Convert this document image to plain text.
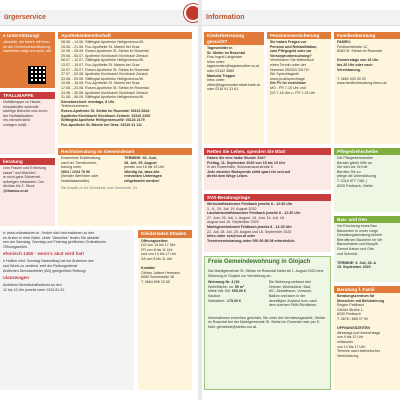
ürgerservice
e Unterstützung!
ubsstelle, die bieten mit ihren
en der Gemeindebevölkerung
ntanbieten zeigt uns auch, wie
TFALLMAPPE
Notfallmappe zu Hause,
einsatzkräfte wertvolle
wichtige Befunde und zuver-
äre Notfallsituation.
nrs.elkmahr.kleid
vorlagen mit@...
beratung
vom Frauen und Erfahrung
kasse" und Wächter"-
m nicht ganz Sicherheit
aufzeigen Infokaufen. Der
dierdas bis Z. Stock
@thamus.or.at
Apothekenbereitschaft
08.06. - 14.06. Stiftingtal Apotheke Heiligenkreuz/W.
15.06. - 21.06. Fuc-Apotheke St. Marein bei Graz
22.06. - 28.06. Rosen-Apotheke St. Stefan im Rosental
29.06. - 05.07. Apotheke Kirchbach/ Kirchbach Zerlach
06.07. - 12.07. Stiftingtal Apotheke Heiligenkreuz/W.
13.07. - 19.07. Fuc-Apotheke St. Marein bei Graz
20.07. - 26.07. Rosen-Apotheke St. Stefan im Rosental
27.07. - 02.08. Apotheke Kirchbach/ Kirchbach Zerlach
03.08. - 09.08. Stiftingtal Apotheke Heiligenkreuz/W.
10.08. - 16.08. Fuc-Apotheke St. Marein bei Graz
17.08. - 23.08. Rosen-Apotheke St. Stefan im Rosental
24.08. - 30.08. Apotheke Kirchbach/ Kirchbach Zerlach
31.08. - 06.09. Stiftingtal Apotheke Heiligenkreuz/W.
Dienstwechsel: montags, 8 Uhr
Telefonnummern:
Rosen-Apotheke St. Stefan im Rosental: 03116 8344
Apotheke Kirchbach/ Kirchbach Zerlach: 03116 2200
Stiftingtal Apotheke Heiligenkreuz/W: 03134 2179
Fuc-Apotheke St. Marein bei Graz: 03119 31 111
Rechtsberatung im Gemeindeamt
Kostenlose Erstberatung
nach tel. Terminverein-
barung unter
0664 / 1234 78 96
(Berater Wertheim oder
Notariatsanwälte).
TERMINE: 30. Juni,
28. Juli, 25. August
jeweils von 18 bis 19 Uhr
Wichtig ist, dass alle
relevanten Unterlagen
mitgebracht werden!
Die Anwält zu für Gemeinde: aus Gemeinde, 24.
e: www.ordinationen.st - finden sich Informationen zu den
en Ärzten in ihrer Nähe. Unter "Aktuelles" finden Sie aktuelle
nen am Samstag, Sonntag und Feiertag geöffneten Ordinationen
Öffnungszeiten.
efonisch 1450 - wenn's akut wird hat!
e Hotline wird: Sonntag Nachmittag hat bei Ärztinnen den
und Wurst zu verdient, weil der Rettungsdienst
Ärztlichen Dienstanbieter (ÄD) gelegentlich Rettung!
ulanzwagen
ärztlichen Bereitschaftsdienst an den
12 bis 10 Uhr jeweils unter 0316 81 81.
Kleiderladen Eltaden
Öffnungszeiten:
DO von 14 bis 17 Uhr
FR von 8 bis 11 Uhr
und von 14 bis 17 Uhr
SA von 8 bis 11 Uhr

Kontakt:
Obfrau Juliane Hermann
8083 Schulstraße 38
T. 0664 898 33 55
Information
Kinderbetreuung gesucht?
Tagesmütter in
St. Stefan im Rosental
Frau Ingrid Langmaier
Infos unter:
tagesmutter@tagesmuetter.co.at
oder 03152 5880
Manuela Trapper
Infos unter:
office@tagesmutter.steiermark.at
oder 0316 91 31 61
Pensionsversicherung
Sie haben Fragen zur
Pension und Rehabilitation,
zum Pflegegeld oder zur
Vorsorgeuntersuchung?
Vereinbaren Sie telefonisch
einen Termin unter der
Nummer 050303 34170!
Wir Sprechtagerte
www.pv.at/sprechtage
Die PV ist erreichbar:
MO - FR 7-15 Uhr und
DO 7-16 Uhr u. FR 7-15 Uhr
Familienberatung
FAMRO:
Feldbachstraße 12,
8083 St. Stefan im Rosental

Donnerstags von 18 Uhr
bis 20 Uhr oder nach
Vereinbarung.

T. 0660 303 00 20
www.familienberatung-famro.at
Retten Sie Leben, spenden Sie Blut!
Haben Sie eine halbe Stunde Zeit?
Freitag, 11. September 2020 von 15 bis 19 Uhr
in der Rosenhalle, Schlossmauerstraße 6
Jede einzelne Blutspende zählt spart ein und auf
direkt dem Wege Leben.
Pflegedrehscheibe
Die Pflegedrehscheibe
Berater gleich hilfe an
Sie sich vor Ort mit
Berufen Sie zu
pflege die Unterstützung
T. 0316 877 7481 |
8330 Feldbach, Gielitz
SVS-Beratungstage
Wirtschaftskammer Feldbach jeweils 8 - 12:30 Uhr
1., 8., 29. Juli, 19. August 2020
Landwirtschaftskammer Feldbach jeweils 8 - 12:30 Uhr
27. Juni, 25. Juli, 1. August, 15. Juni, 14. Juli, 18.
August und 16. September 2020
Marktgemeindeamt Feldbach jeweils 8 - 12:30 Uhr
22. Juli, 28. Juli, 25. August und 18. September 2020
Infos unter svs@svs.at oder
Terminvereinbarung unter 050 80 88 08 erforderlich.
Bau- und Gen
Vor Errichtung eines Bau
Bauwerber in unser vorge
Gestaltungsberatung teilneh
Betroffenen Bauherrn im Ver
Bauvorhaben und Bauplä
Gernot Kaiser und Orts
und Schmidt.

TERMINE: 9. Juli, 28. A
15. September 2020
Freie Gemeindewohnung in Glojach
Die Marktgemeinde St. Stefan im Rosental bietet ab 1. August 2020 eine Wohnung in Glojach zur Vermietung an.
Wohnung Nr. 4 (36
Wohnfläche: ca. 59 m²
Miete inkl. BK: 605,00 €
Kaution:
Selbstbeh.: 175,00 €
Die Wohnung umfasst drei
Zimmer, Wohnküche, Bad,
WC, Abstellraum, Vorraum,
Balkon und kann in der
derzeitigen Zustand bzw. nach
dem durchen PAW-Richtlinien.
Informationen erreichen gerichtet, Sie unter der Vermietungsstelle, Stefan im Rosental bei der Marktgemeinde St. Stefan im Rosental oder per E-Mail: gemeinde@stefan-ros.at.
Beratung f. Famil
Beratungszentrum für
Menschen mit Behinderung
Region Feldbach
Gießer Straße 1,
8330 Feldbach
T. 0676 / 888 07 90

ÖFFNUNGSZEITEN
dienstags und donnerstags
von 9 bis 12 Uhr
mittwochs
von 14 bis 17 Uhr
Termine nach telefonischer
Vereinbarung
